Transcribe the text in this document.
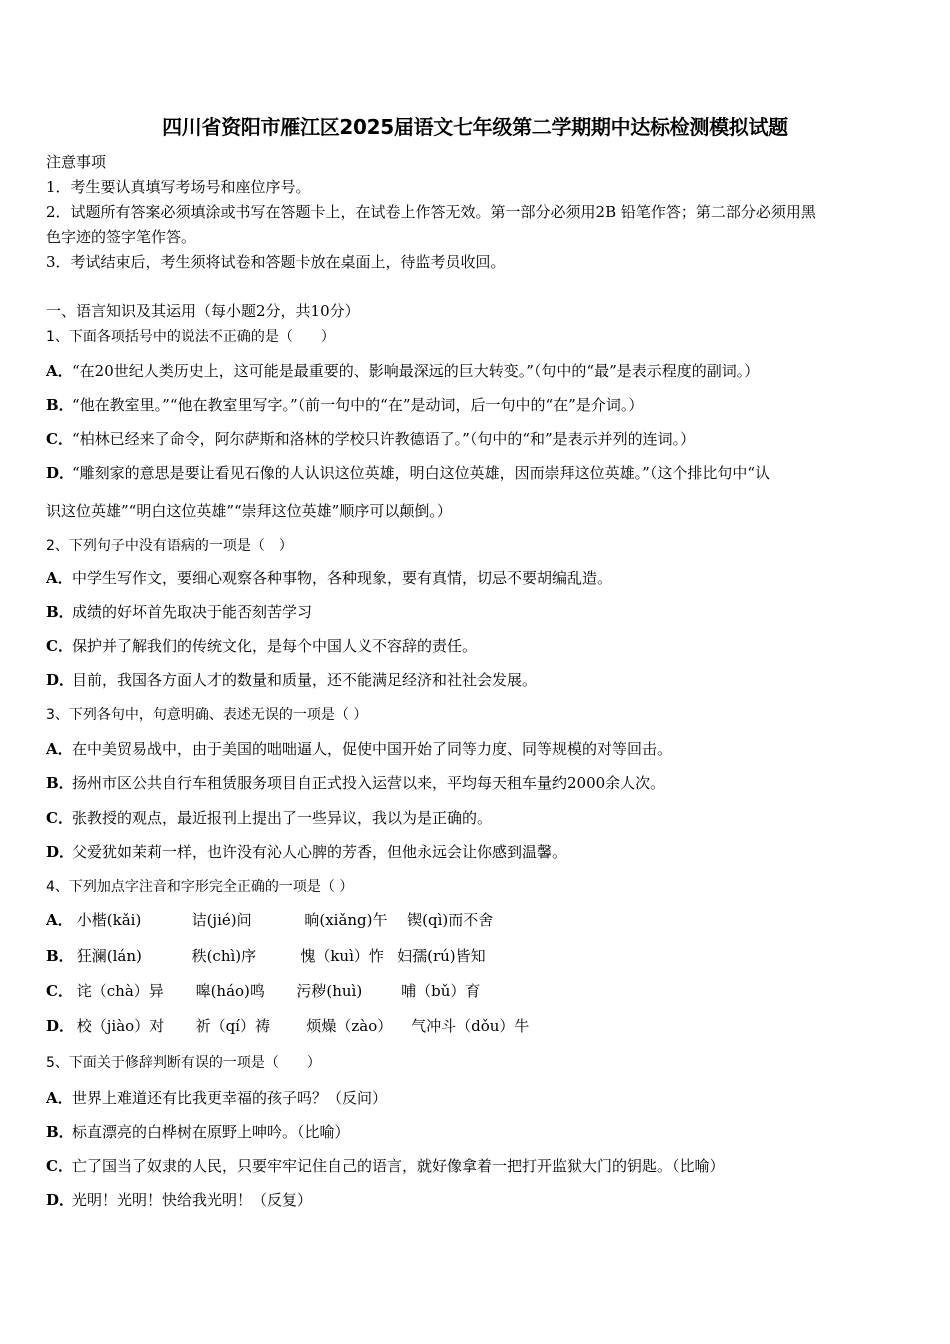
四川省资阳市雁江区2025届语文七年级第二学期期中达标检测模拟试题
注意事项
1．考生要认真填写考场号和座位序号。
2．试题所有答案必须填涂或书写在答题卡上，在试卷上作答无效。第一部分必须用2B 铅笔作答；第二部分必须用黑
色字迹的签字笔作答。
3．考试结束后，考生须将试卷和答题卡放在桌面上，待监考员收回。
一、语言知识及其运用（每小题2分，共10分）
1、下面各项括号中的说法不正确的是（　　）
A．“在20世纪人类历史上，这可能是最重要的、影响最深远的巨大转变。”（句中的“最”是表示程度的副词。）
B．“他在教室里。”“他在教室里写字。”（前一句中的“在”是动词，后一句中的“在”是介词。）
C．“柏林已经来了命令，阿尔萨斯和洛林的学校只许教德语了。”（句中的“和”是表示并列的连词。）
D．“雕刻家的意思是要让看见石像的人认识这位英雄，明白这位英雄，因而崇拜这位英雄。”（这个排比句中“认
识这位英雄”“明白这位英雄”“崇拜这位英雄”顺序可以颠倒。）
2、下列句子中没有语病的一项是（　）
A．中学生写作文，要细心观察各种事物，各种现象，要有真情，切忌不要胡编乱造。
B．成绩的好坏首先取决于能否刻苦学习
C．保护并了解我们的传统文化，是每个中国人义不容辞的责任。
D．目前，我国各方面人才的数量和质量，还不能满足经济和社社会发展。
3、下列各句中，句意明确、表述无误的一项是（ ）
A．在中美贸易战中，由于美国的咄咄逼人，促使中国开始了同等力度、同等规模的对等回击。
B．扬州市区公共自行车租赁服务项目自正式投入运营以来，平均每天租车量约2000余人次。
C．张教授的观点，最近报刊上提出了一些异议，我以为是正确的。
D．父爱犹如茉莉一样，也许没有沁人心脾的芳香，但他永远会让你感到温馨。
4、下列加点字注音和字形完全正确的一项是（ ）
A． 小楷(kǎi)	诘(jié)问	晌(xiǎng)午 锲(qì)而不舍
B． 狂澜(lán)	秩(chì)序	愧（kuì）怍 妇孺(rú)皆知
C． 诧（chà）异 嗥(háo)鸣 污秽(huì)	哺（bǔ）育
D． 校（jiào）对 祈（qí）祷 烦燥（zào） 气冲斗（dǒu）牛
5、下面关于修辞判断有误的一项是（　　）
A．世界上难道还有比我更幸福的孩子吗？（反问）
B．标直漂亮的白桦树在原野上呻吟。（比喻）
C．亡了国当了奴隶的人民，只要牢牢记住自己的语言，就好像拿着一把打开监狱大门的钥匙。（比喻）
D．光明！光明！快给我光明！（反复）
